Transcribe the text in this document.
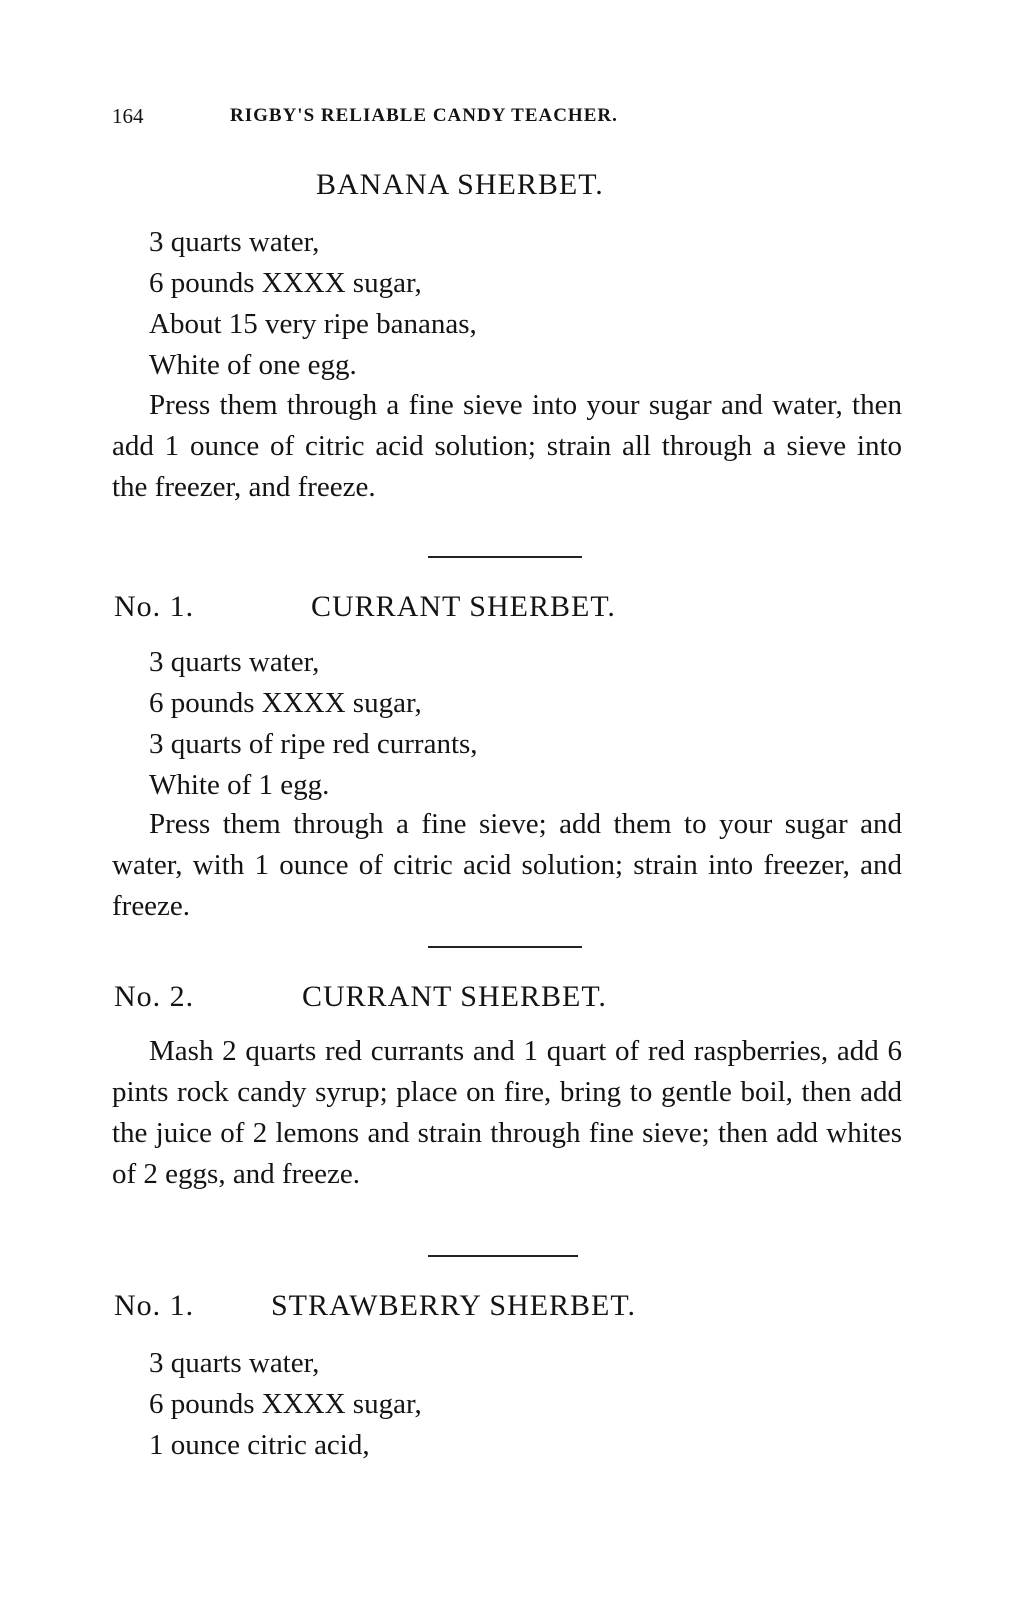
164	RIGBY'S RELIABLE CANDY TEACHER.
BANANA SHERBET.
3 quarts water,
6 pounds XXXX sugar,
About 15 very ripe bananas,
White of one egg.
Press them through a fine sieve into your sugar and water, then add 1 ounce of citric acid solution; strain all through a sieve into the freezer, and freeze.
No. 1.	CURRANT SHERBET.
3 quarts water,
6 pounds XXXX sugar,
3 quarts of ripe red currants,
White of 1 egg.
Press them through a fine sieve; add them to your sugar and water, with 1 ounce of citric acid solution; strain into freezer, and freeze.
No. 2.	CURRANT SHERBET.
Mash 2 quarts red currants and 1 quart of red raspberries, add 6 pints rock candy syrup; place on fire, bring to gentle boil, then add the juice of 2 lemons and strain through fine sieve; then add whites of 2 eggs, and freeze.
No. 1.	STRAWBERRY SHERBET.
3 quarts water,
6 pounds XXXX sugar,
1 ounce citric acid,
